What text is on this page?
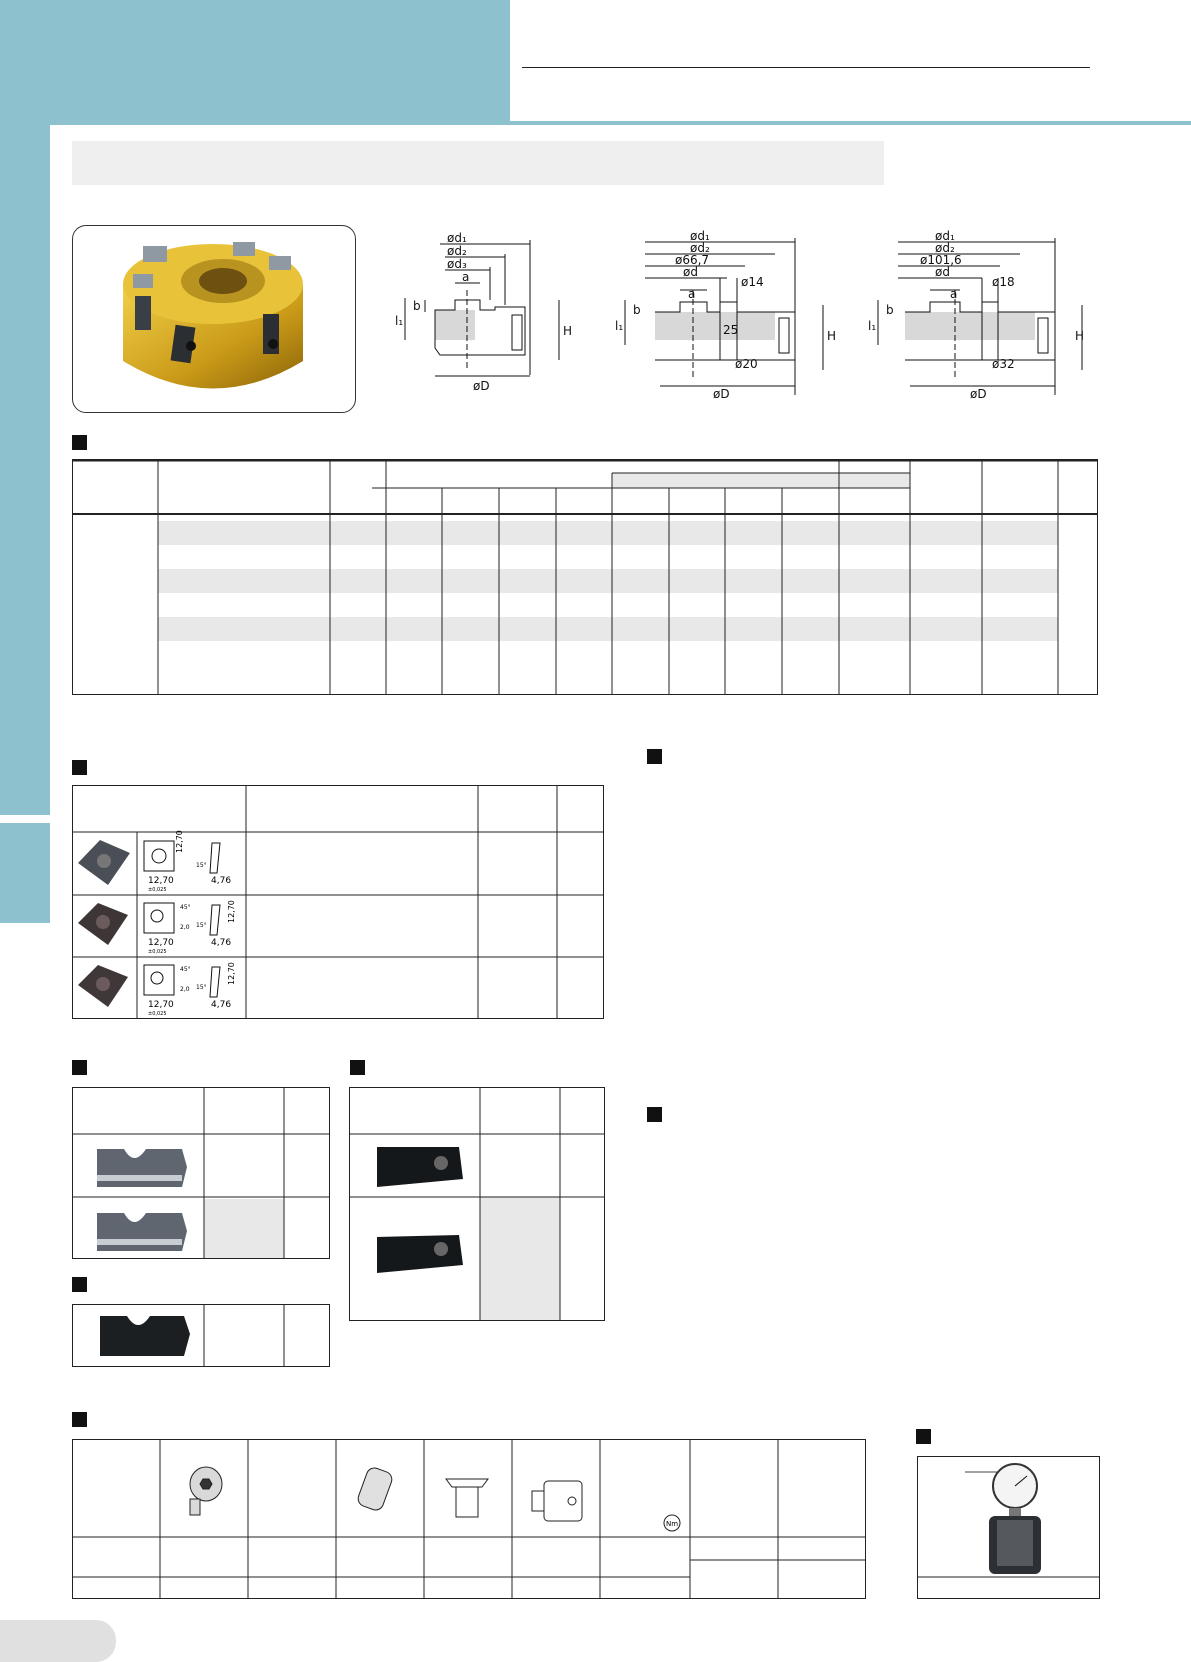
ød₁
ød₂
ød₃
a
b
l₁
H
øD
ød₁
ød₂
ø66,7
ød
ø14
a
b
l₁	25
ø20
H
øD
ød₁
ød₂
ø101,6
ød
ø18
a
b
l₁
ø32
H
øD
12,70
±0,025
4,76
12,70
15°
12,70
±0,025
4,76
12,70
15°
45°
2,0
12,70
±0,025
4,76
12,70
15°
45°
2,0
Nm
